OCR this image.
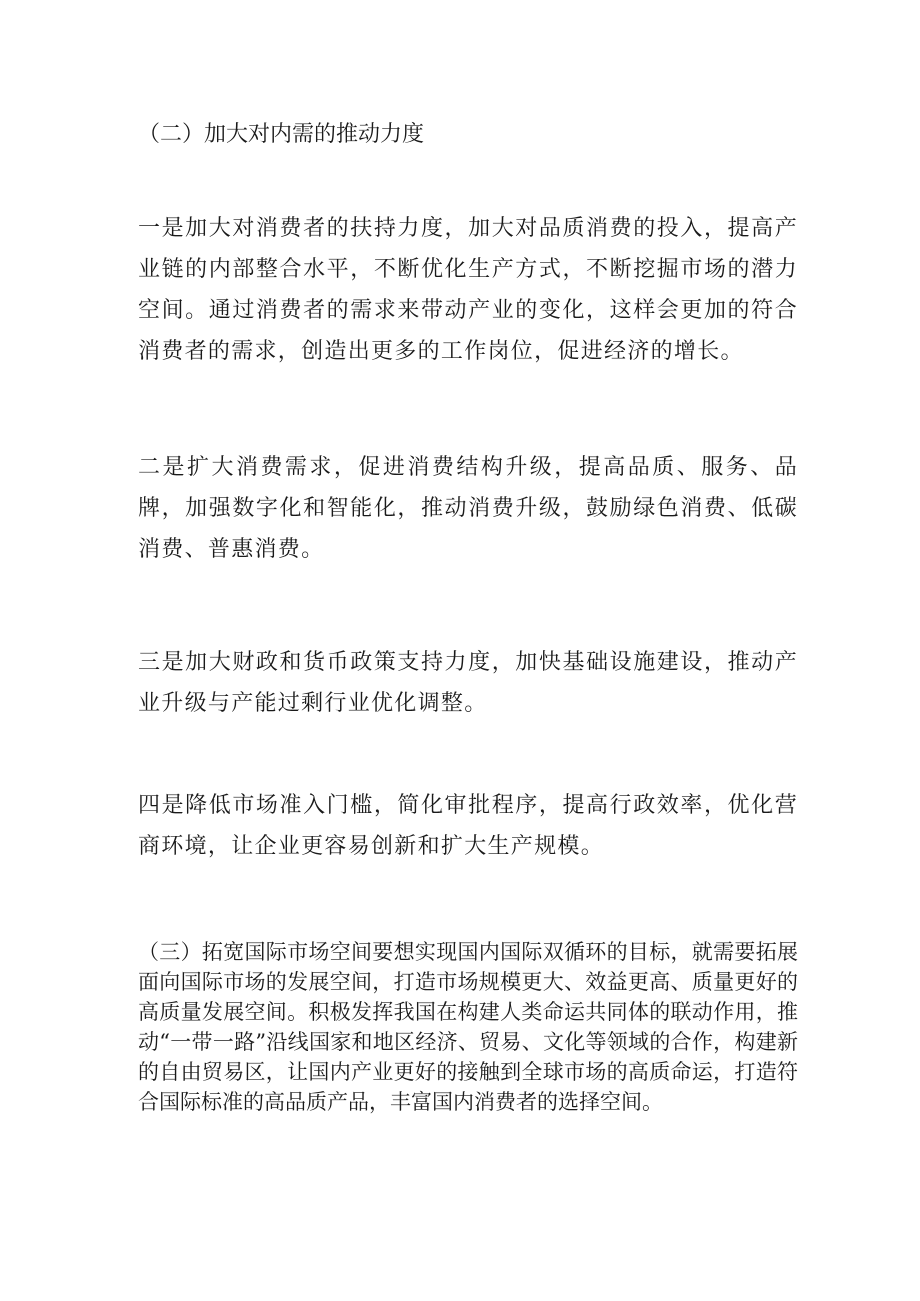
（二）加大对内需的推动力度

一是加大对消费者的扶持力度，加大对品质消费的投入，提高产业链的内部整合水平，不断优化生产方式，不断挖掘市场的潜力空间。通过消费者的需求来带动产业的变化，这样会更加的符合消费者的需求，创造出更多的工作岗位，促进经济的增长。

二是扩大消费需求，促进消费结构升级，提高品质、服务、品牌，加强数字化和智能化，推动消费升级，鼓励绿色消费、低碳消费、普惠消费。

三是加大财政和货币政策支持力度，加快基础设施建设，推动产业升级与产能过剩行业优化调整。

四是降低市场准入门槛，简化审批程序，提高行政效率，优化营商环境，让企业更容易创新和扩大生产规模。

（三）拓宽国际市场空间要想实现国内国际双循环的目标，就需要拓展面向国际市场的发展空间，打造市场规模更大、效益更高、质量更好的高质量发展空间。积极发挥我国在构建人类命运共同体的联动作用，推动“一带一路”沿线国家和地区经济、贸易、文化等领域的合作，构建新的自由贸易区，让国内产业更好的接触到全球市场的高质命运，打造符合国际标准的高品质产品，丰富国内消费者的选择空间。
